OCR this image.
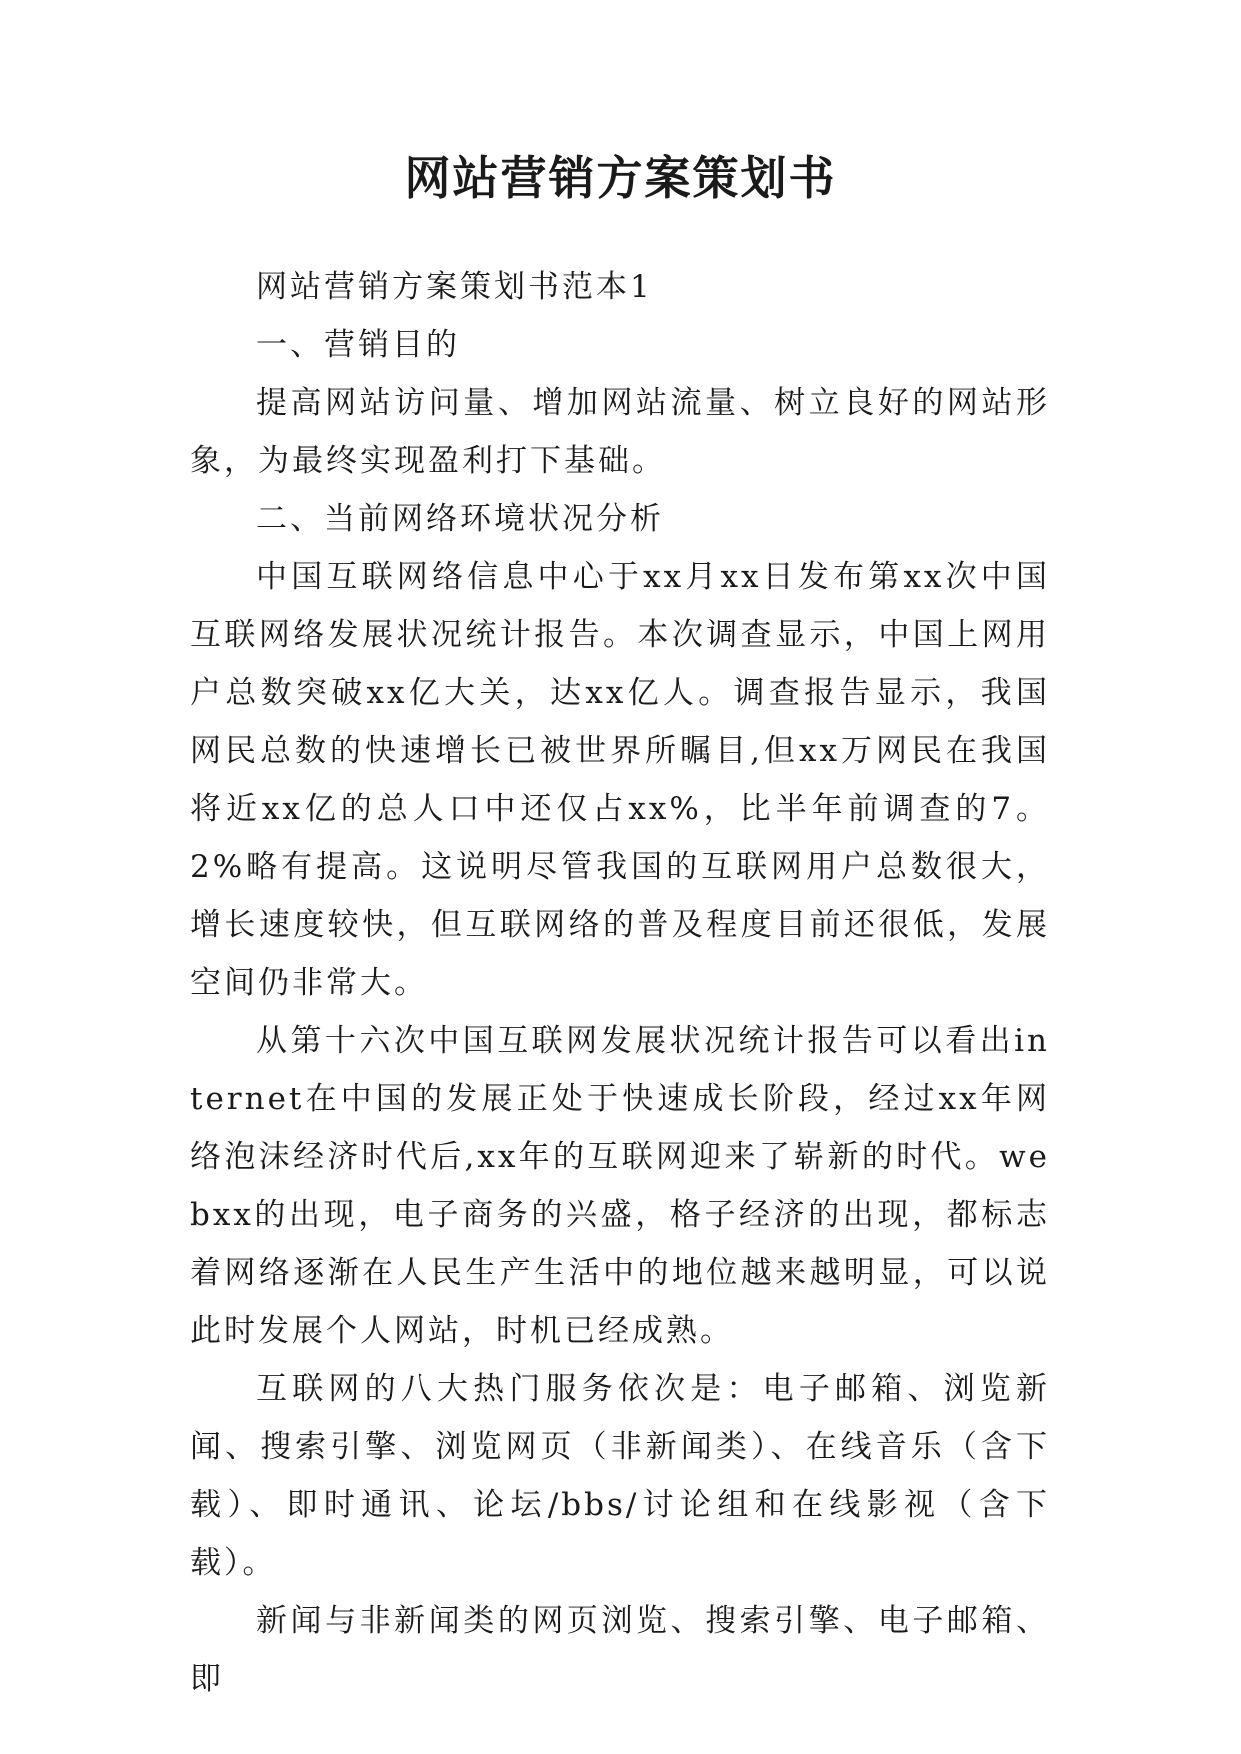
网站营销方案策划书

网站营销方案策划书范本1

一、营销目的

提高网站访问量、增加网站流量、树立良好的网站形象，为最终实现盈利打下基础。

二、当前网络环境状况分析

中国互联网络信息中心于xx月xx日发布第xx次中国互联网络发展状况统计报告。本次调查显示，中国上网用户总数突破xx亿大关，达xx亿人。调查报告显示，我国网民总数的快速增长已被世界所瞩目,但xx万网民在我国将近xx亿的总人口中还仅占xx%，比半年前调查的7。2%略有提高。这说明尽管我国的互联网用户总数很大，增长速度较快，但互联网络的普及程度目前还很低，发展空间仍非常大。

从第十六次中国互联网发展状况统计报告可以看出internet在中国的发展正处于快速成长阶段，经过xx年网络泡沫经济时代后,xx年的互联网迎来了崭新的时代。webxx的出现，电子商务的兴盛，格子经济的出现，都标志着网络逐渐在人民生产生活中的地位越来越明显，可以说此时发展个人网站，时机已经成熟。

互联网的八大热门服务依次是：电子邮箱、浏览新闻、搜索引擎、浏览网页（非新闻类）、在线音乐（含下载）、即时通讯、论坛/bbs/讨论组和在线影视（含下载）。

新闻与非新闻类的网页浏览、搜索引擎、电子邮箱、即
